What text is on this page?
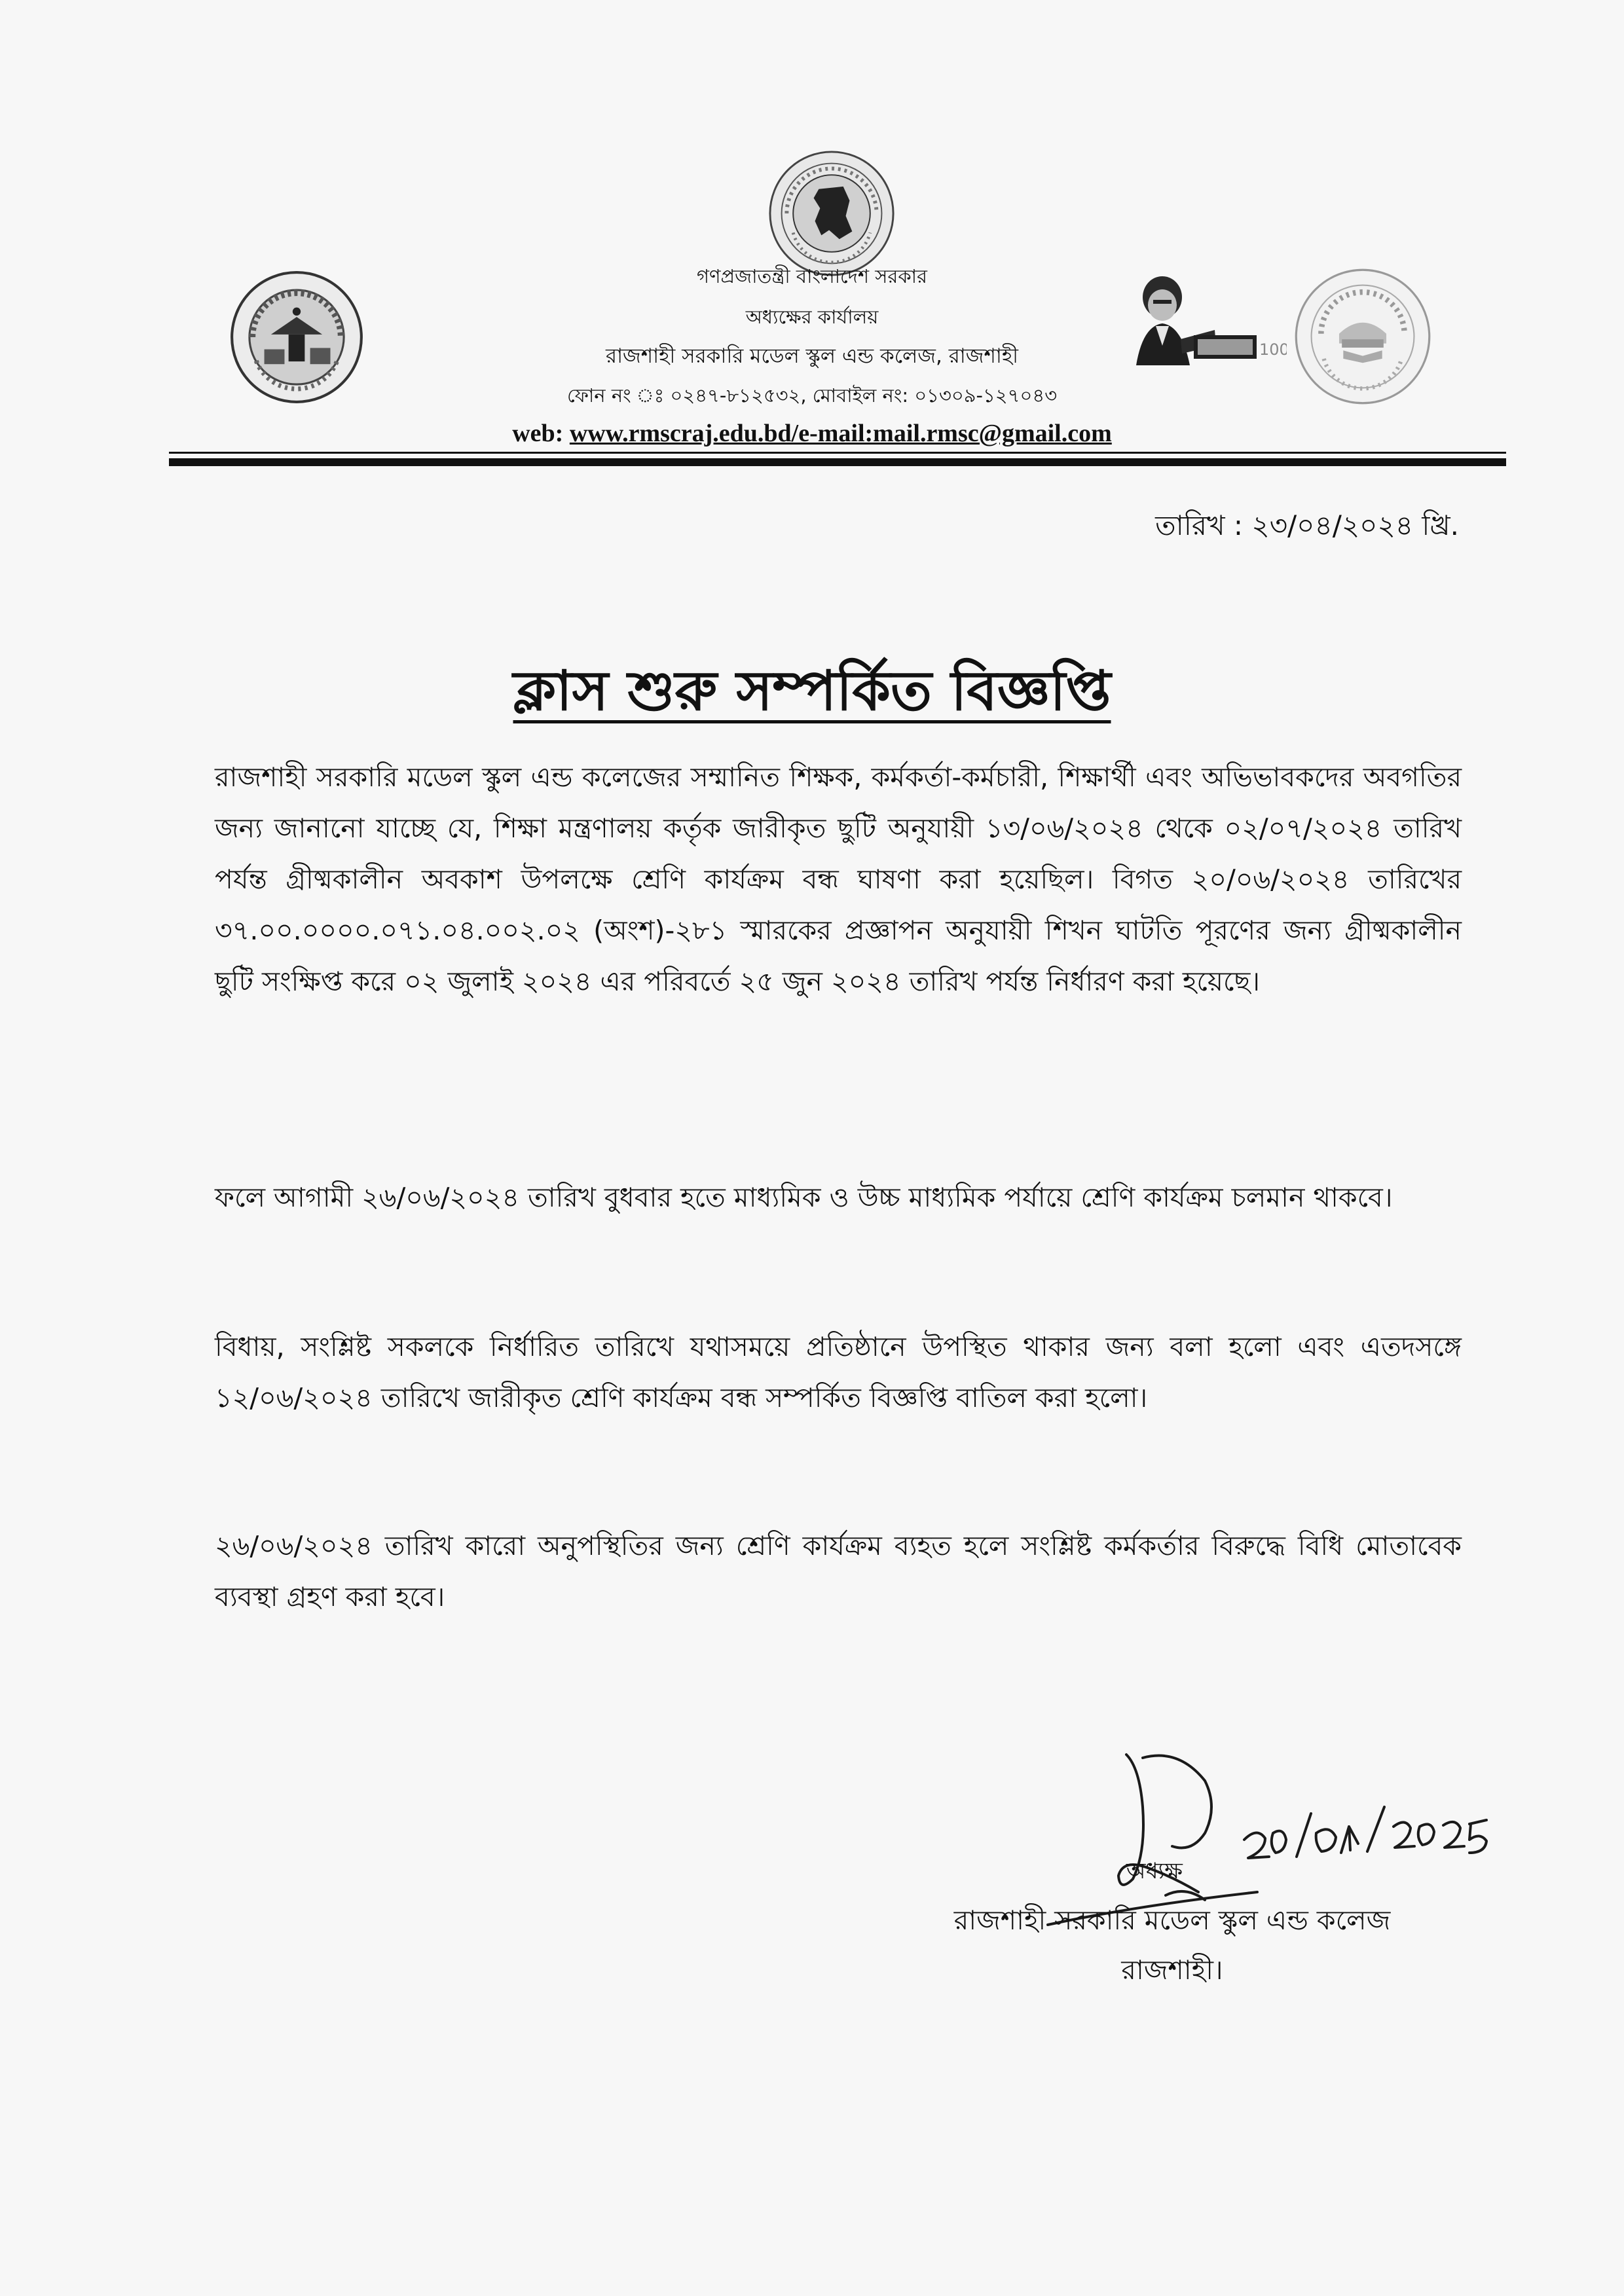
100
গণপ্রজাতন্ত্রী বাংলাদেশ সরকার
অধ্যক্ষের কার্যালয়
রাজশাহী সরকারি মডেল স্কুল এন্ড কলেজ, রাজশাহী
ফোন নং ঃ ০২৪৭-৮১২৫৩২, মোবাইল নং: ০১৩০৯-১২৭০৪৩
web: www.rmscraj.edu.bd/e-mail:mail.rmsc@gmail.com
তারিখ : ২৩/০৪/২০২৪ খ্রি.
ক্লাস শুরু সম্পর্কিত বিজ্ঞপ্তি

রাজশাহী সরকারি মডেল স্কুল এন্ড কলেজের সম্মানিত শিক্ষক, কর্মকর্তা-কর্মচারী, শিক্ষার্থী এবং অভিভাবকদের অবগতির জন্য জানানো যাচ্ছে যে, শিক্ষা মন্ত্রণালয় কর্তৃক জারীকৃত ছুটি অনুযায়ী ১৩/০৬/২০২৪ থেকে ০২/০৭/২০২৪ তারিখ পর্যন্ত গ্রীষ্মকালীন অবকাশ উপলক্ষে শ্রেণি কার্যক্রম বন্ধ ঘাষণা করা হয়েছিল। বিগত ২০/০৬/২০২৪ তারিখের ৩৭.০০.০০০০.০৭১.০৪.০০২.০২ (অংশ)-২৮১ স্মারকের প্রজ্ঞাপন অনুযায়ী শিখন ঘাটতি পূরণের জন্য গ্রীষ্মকালীন ছুটি সংক্ষিপ্ত করে ০২ জুলাই ২০২৪ এর পরিবর্তে ২৫ জুন ২০২৪ তারিখ পর্যন্ত নির্ধারণ করা হয়েছে।

ফলে আগামী ২৬/০৬/২০২৪ তারিখ বুধবার হতে মাধ্যমিক ও উচ্চ মাধ্যমিক পর্যায়ে শ্রেণি কার্যক্রম চলমান থাকবে।

বিধায়, সংশ্লিষ্ট সকলকে নির্ধারিত তারিখে যথাসময়ে প্রতিষ্ঠানে উপস্থিত থাকার জন্য বলা হলো এবং এতদসঙ্গে ১২/০৬/২০২৪ তারিখে জারীকৃত শ্রেণি কার্যক্রম বন্ধ সম্পর্কিত বিজ্ঞপ্তি বাতিল করা হলো।

২৬/০৬/২০২৪ তারিখ কারো অনুপস্থিতির জন্য শ্রেণি কার্যক্রম ব্যহত হলে সংশ্লিষ্ট কর্মকর্তার বিরুদ্ধে বিধি মোতাবেক ব্যবস্থা গ্রহণ করা হবে।

অধ্যক্ষ
রাজশাহী সরকারি মডেল স্কুল এন্ড কলেজ
রাজশাহী।
